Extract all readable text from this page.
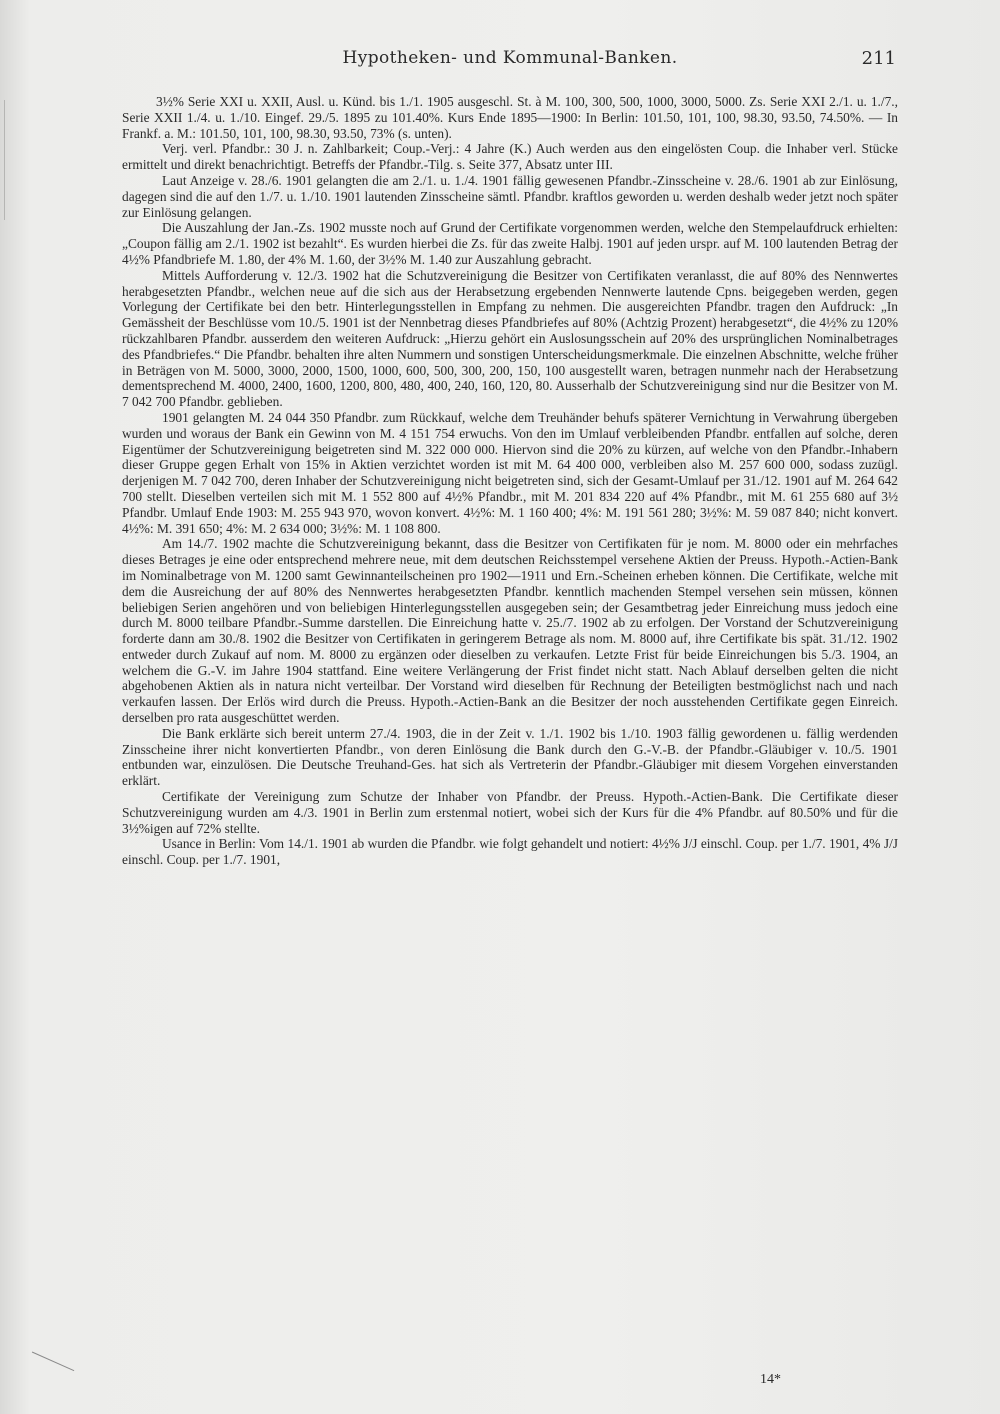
Hypotheken- und Kommunal-Banken.	211

3½% Serie XXI u. XXII, Ausl. u. Künd. bis 1./1. 1905 ausgeschl. St. à M. 100, 300, 500, 1000, 3000, 5000. Zs. Serie XXI 2./1. u. 1./7., Serie XXII 1./4. u. 1./10. Eingef. 29./5. 1895 zu 101.40%. Kurs Ende 1895—1900: In Berlin: 101.50, 101, 100, 98.30, 93.50, 74.50%. — In Frankf. a. M.: 101.50, 101, 100, 98.30, 93.50, 73% (s. unten).

Verj. verl. Pfandbr.: 30 J. n. Zahlbarkeit; Coup.-Verj.: 4 Jahre (K.) Auch werden aus den eingelösten Coup. die Inhaber verl. Stücke ermittelt und direkt benachrichtigt. Betreffs der Pfandbr.-Tilg. s. Seite 377, Absatz unter III.

Laut Anzeige v. 28./6. 1901 gelangten die am 2./1. u. 1./4. 1901 fällig gewesenen Pfandbr.-Zinsscheine v. 28./6. 1901 ab zur Einlösung, dagegen sind die auf den 1./7. u. 1./10. 1901 lautenden Zinsscheine sämtl. Pfandbr. kraftlos geworden u. werden deshalb weder jetzt noch später zur Einlösung gelangen.

Die Auszahlung der Jan.-Zs. 1902 musste noch auf Grund der Certifikate vorgenommen werden, welche den Stempelaufdruck erhielten: „Coupon fällig am 2./1. 1902 ist bezahlt“. Es wurden hierbei die Zs. für das zweite Halbj. 1901 auf jeden urspr. auf M. 100 lautenden Betrag der 4½% Pfandbriefe M. 1.80, der 4% M. 1.60, der 3½% M. 1.40 zur Auszahlung gebracht.

Mittels Aufforderung v. 12./3. 1902 hat die Schutzvereinigung die Besitzer von Certifikaten veranlasst, die auf 80% des Nennwertes herabgesetzten Pfandbr., welchen neue auf die sich aus der Herabsetzung ergebenden Nennwerte lautende Cpns. beigegeben werden, gegen Vorlegung der Certifikate bei den betr. Hinterlegungsstellen in Empfang zu nehmen. Die ausgereichten Pfandbr. tragen den Aufdruck: „In Gemässheit der Beschlüsse vom 10./5. 1901 ist der Nennbetrag dieses Pfandbriefes auf 80% (Achtzig Prozent) herabgesetzt“, die 4½% zu 120% rückzahlbaren Pfandbr. ausserdem den weiteren Aufdruck: „Hierzu gehört ein Auslosungsschein auf 20% des ursprünglichen Nominalbetrages des Pfandbriefes.“ Die Pfandbr. behalten ihre alten Nummern und sonstigen Unterscheidungsmerkmale. Die einzelnen Abschnitte, welche früher in Beträgen von M. 5000, 3000, 2000, 1500, 1000, 600, 500, 300, 200, 150, 100 ausgestellt waren, betragen nunmehr nach der Herabsetzung dementsprechend M. 4000, 2400, 1600, 1200, 800, 480, 400, 240, 160, 120, 80. Ausserhalb der Schutzvereinigung sind nur die Besitzer von M. 7 042 700 Pfandbr. geblieben.

1901 gelangten M. 24 044 350 Pfandbr. zum Rückkauf, welche dem Treuhänder behufs späterer Vernichtung in Verwahrung übergeben wurden und woraus der Bank ein Gewinn von M. 4 151 754 erwuchs. Von den im Umlauf verbleibenden Pfandbr. entfallen auf solche, deren Eigentümer der Schutzvereinigung beigetreten sind M. 322 000 000. Hiervon sind die 20% zu kürzen, auf welche von den Pfandbr.-Inhabern dieser Gruppe gegen Erhalt von 15% in Aktien verzichtet worden ist mit M. 64 400 000, verbleiben also M. 257 600 000, sodass zuzügl. derjenigen M. 7 042 700, deren Inhaber der Schutzvereinigung nicht beigetreten sind, sich der Gesamt-Umlauf per 31./12. 1901 auf M. 264 642 700 stellt. Dieselben verteilen sich mit M. 1 552 800 auf 4½% Pfandbr., mit M. 201 834 220 auf 4% Pfandbr., mit M. 61 255 680 auf 3½ Pfandbr. Umlauf Ende 1903: M. 255 943 970, wovon konvert. 4½%: M. 1 160 400; 4%: M. 191 561 280; 3½%: M. 59 087 840; nicht konvert. 4½%: M. 391 650; 4%: M. 2 634 000; 3½%: M. 1 108 800.

Am 14./7. 1902 machte die Schutzvereinigung bekannt, dass die Besitzer von Certifikaten für je nom. M. 8000 oder ein mehrfaches dieses Betrages je eine oder entsprechend mehrere neue, mit dem deutschen Reichsstempel versehene Aktien der Preuss. Hypoth.-Actien-Bank im Nominalbetrage von M. 1200 samt Gewinnanteilscheinen pro 1902—1911 und Ern.-Scheinen erheben können. Die Certifikate, welche mit dem die Ausreichung der auf 80% des Nennwertes herabgesetzten Pfandbr. kenntlich machenden Stempel versehen sein müssen, können beliebigen Serien angehören und von beliebigen Hinterlegungsstellen ausgegeben sein; der Gesamtbetrag jeder Einreichung muss jedoch eine durch M. 8000 teilbare Pfandbr.-Summe darstellen. Die Einreichung hatte v. 25./7. 1902 ab zu erfolgen. Der Vorstand der Schutzvereinigung forderte dann am 30./8. 1902 die Besitzer von Certifikaten in geringerem Betrage als nom. M. 8000 auf, ihre Certifikate bis spät. 31./12. 1902 entweder durch Zukauf auf nom. M. 8000 zu ergänzen oder dieselben zu verkaufen. Letzte Frist für beide Einreichungen bis 5./3. 1904, an welchem die G.-V. im Jahre 1904 stattfand. Eine weitere Verlängerung der Frist findet nicht statt. Nach Ablauf derselben gelten die nicht abgehobenen Aktien als in natura nicht verteilbar. Der Vorstand wird dieselben für Rechnung der Beteiligten bestmöglichst nach und nach verkaufen lassen. Der Erlös wird durch die Preuss. Hypoth.-Actien-Bank an die Besitzer der noch ausstehenden Certifikate gegen Einreich. derselben pro rata ausgeschüttet werden.

Die Bank erklärte sich bereit unterm 27./4. 1903, die in der Zeit v. 1./1. 1902 bis 1./10. 1903 fällig gewordenen u. fällig werdenden Zinsscheine ihrer nicht konvertierten Pfandbr., von deren Einlösung die Bank durch den G.-V.-B. der Pfandbr.-Gläubiger v. 10./5. 1901 entbunden war, einzulösen. Die Deutsche Treuhand-Ges. hat sich als Vertreterin der Pfandbr.-Gläubiger mit diesem Vorgehen einverstanden erklärt.

Certifikate der Vereinigung zum Schutze der Inhaber von Pfandbr. der Preuss. Hypoth.-Actien-Bank. Die Certifikate dieser Schutzvereinigung wurden am 4./3. 1901 in Berlin zum erstenmal notiert, wobei sich der Kurs für die 4% Pfandbr. auf 80.50% und für die 3½%igen auf 72% stellte.

Usance in Berlin: Vom 14./1. 1901 ab wurden die Pfandbr. wie folgt gehandelt und notiert: 4½% J/J einschl. Coup. per 1./7. 1901, 4% J/J einschl. Coup. per 1./7. 1901,

14*
